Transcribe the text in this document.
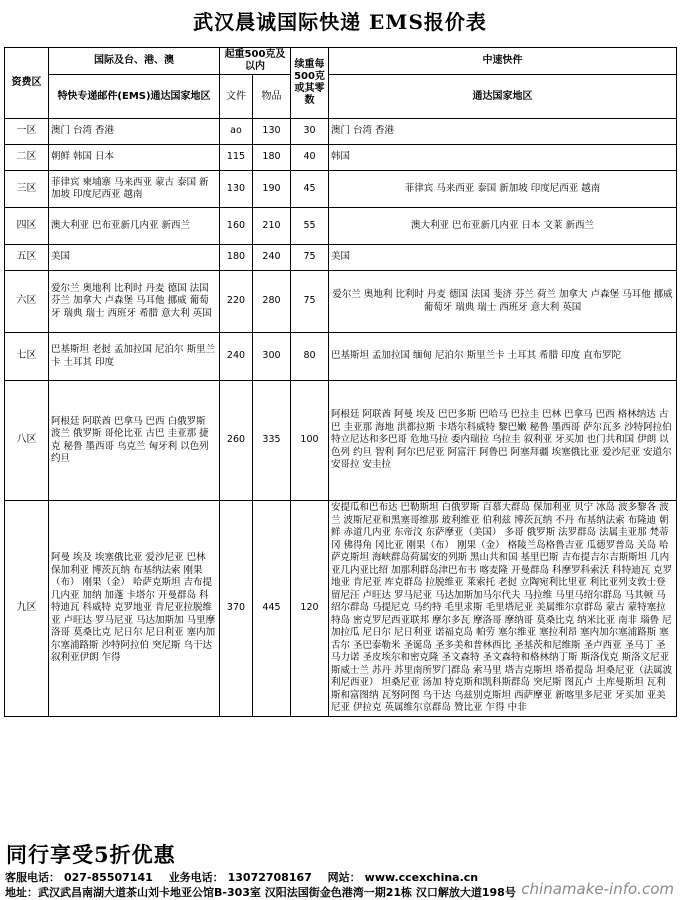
武汉晨诚国际快递 EMS报价表
资费区	国际及台、港、澳	起重500克及以内		续重每500克或其零数	中速快件
	特快专递邮件(EMS)通达国家地区	文件	物品		通达国家地区

一区	澳门 台湾 香港	ao	130	30	澳门 台湾 香港
二区	朝鲜 韩国 日本	115	180	40	韩国
三区	菲律宾 柬埔寨 马来西亚 蒙古 泰国 新加坡 印度尼西亚 越南	130	190	45	菲律宾 马来西亚 泰国 新加坡 印度尼西亚 越南
四区	澳大利亚 巴布亚新几内亚 新西兰	160	210	55	澳大利亚 巴布亚新几内亚 日本 文莱 新西兰
五区	美国	180	240	75	美国
六区	爱尔兰 奥地利 比利时 丹麦 德国 法国 芬兰 加拿大 卢森堡 马耳他 挪威 葡萄牙 瑞典 瑞士 西班牙 希腊 意大利 英国	220	280	75	爱尔兰 奥地利 比利时 丹麦 德国 法国 斐济 芬兰 荷兰 加拿大 卢森堡 马耳他 挪威 葡萄牙 瑞典 瑞士 西班牙 意大利 英国
七区	巴基斯坦 老挝 孟加拉国 尼泊尔 斯里兰卡 土耳其 印度	240	300	80	巴基斯坦 孟加拉国 缅甸 尼泊尔 斯里兰卡 土耳其 希腊 印度 直布罗陀
八区	阿根廷 阿联酋 巴拿马 巴西 白俄罗斯 波兰 俄罗斯 哥伦比亚 古巴 圭亚那 捷克 秘鲁 墨西哥 乌克兰 匈牙利 以色列 约旦	260	335	100	阿根廷 阿联酋 阿曼 埃及 巴巴多斯 巴哈马 巴拉圭 巴林 巴拿马 巴西 格林纳达 古巴 圭亚那 海地 洪都拉斯 卡塔尔科威特 黎巴嫩 秘鲁 墨西哥 萨尔瓦多 沙特阿拉伯 特立尼达和多巴哥 危地马拉 委内瑞拉 乌拉圭 叙利亚 牙买加 也门共和国 伊朗 以色列 约旦 智利 阿尔巴尼亚 阿富汗 阿鲁巴 阿塞拜疆 埃塞俄比亚 爱沙尼亚 安道尔 安哥拉 安圭拉
九区	阿曼 埃及 埃塞俄比亚 爱沙尼亚 巴林 保加利亚 博茨瓦纳 布基纳法索 刚果（布） 刚果（金） 哈萨克斯坦 吉布提 几内亚 加纳 加蓬 卡塔尔 开曼群岛 科特迪瓦 科威特 克罗地亚 肯尼亚拉脱维亚 卢旺达 罗马尼亚 马达加斯加 马里摩洛哥 莫桑比克 尼日尔 尼日利亚 塞内加尔塞浦路斯 沙特阿拉伯 突尼斯 乌干达 叙利亚伊朗 乍得	370	445	120	安提瓜和巴布达 巴勒斯坦 白俄罗斯 百慕大群岛 保加利亚 贝宁 冰岛 波多黎各 波兰 波斯尼亚和黑塞哥维那 玻利维亚 伯利兹 博茨瓦纳 不丹 布基纳法索 布隆迪 朝鲜 赤道几内亚 东帝汶 东萨摩亚（美国） 多哥 俄罗斯 法罗群岛 法属圭亚那 梵蒂冈 佛得角 冈比亚 刚果（布） 刚果（金） 格陵兰岛格鲁吉亚 瓜德罗普岛 关岛 哈萨克斯坦 海峡群岛荷属安的列斯 黑山共和国 基里巴斯 吉布提吉尔吉斯斯坦 几内亚几内亚比绍 加那利群岛津巴布韦 喀麦隆 开曼群岛 科摩罗科索沃 科特迪瓦 克罗地亚 肯尼亚 库克群岛 拉脱维亚 莱索托 老挝 立陶宛利比里亚 利比亚列支敦士登 留尼汪 卢旺达 罗马尼亚 马达加斯加马尔代夫 马拉维 马里马绍尔群岛 马其顿 马绍尔群岛 马提尼克 马约特 毛里求斯 毛里塔尼亚 美属维尔京群岛 蒙古 蒙特塞拉特岛 密克罗尼西亚联邦 摩尔多瓦 摩洛哥 摩纳哥 莫桑比克 纳米比亚 南非 瑙鲁 尼加拉瓜 尼日尔 尼日利亚 诺福克岛 帕劳 塞尔维亚 塞拉利昂 塞内加尔塞浦路斯 塞舌尔 圣巴泰勒米 圣诞岛 圣多美和普林西比 圣基茨和尼维斯 圣卢西亚 圣马丁 圣马力诺 圣皮埃尔和密克隆 圣文森特 圣文森特和格林纳丁斯 斯洛伐克 斯洛文尼亚 斯威士兰 苏丹 苏里南所罗门群岛 索马里 塔吉克斯坦 塔希提岛 坦桑尼亚（法属波利尼西亚） 坦桑尼亚 汤加 特克斯和凯科斯群岛 突尼斯 图瓦卢 土库曼斯坦 瓦利斯和富图纳 瓦努阿图 乌干达 乌兹别克斯坦 西萨摩亚 新喀里多尼亚 牙买加 亚美尼亚 伊拉克 英属维尔京群岛 赞比亚 乍得 中非
同行享受5折优惠
客服电话： 027-85507141 业务电话： 13072708167 网站： www.ccexchina.cn
地址：武汉武昌南湖大道茶山刘卡地亚公馆B-303室 汉阳法国街金色港湾一期21栋 汉口解放大道198号 chinamake-info.com
